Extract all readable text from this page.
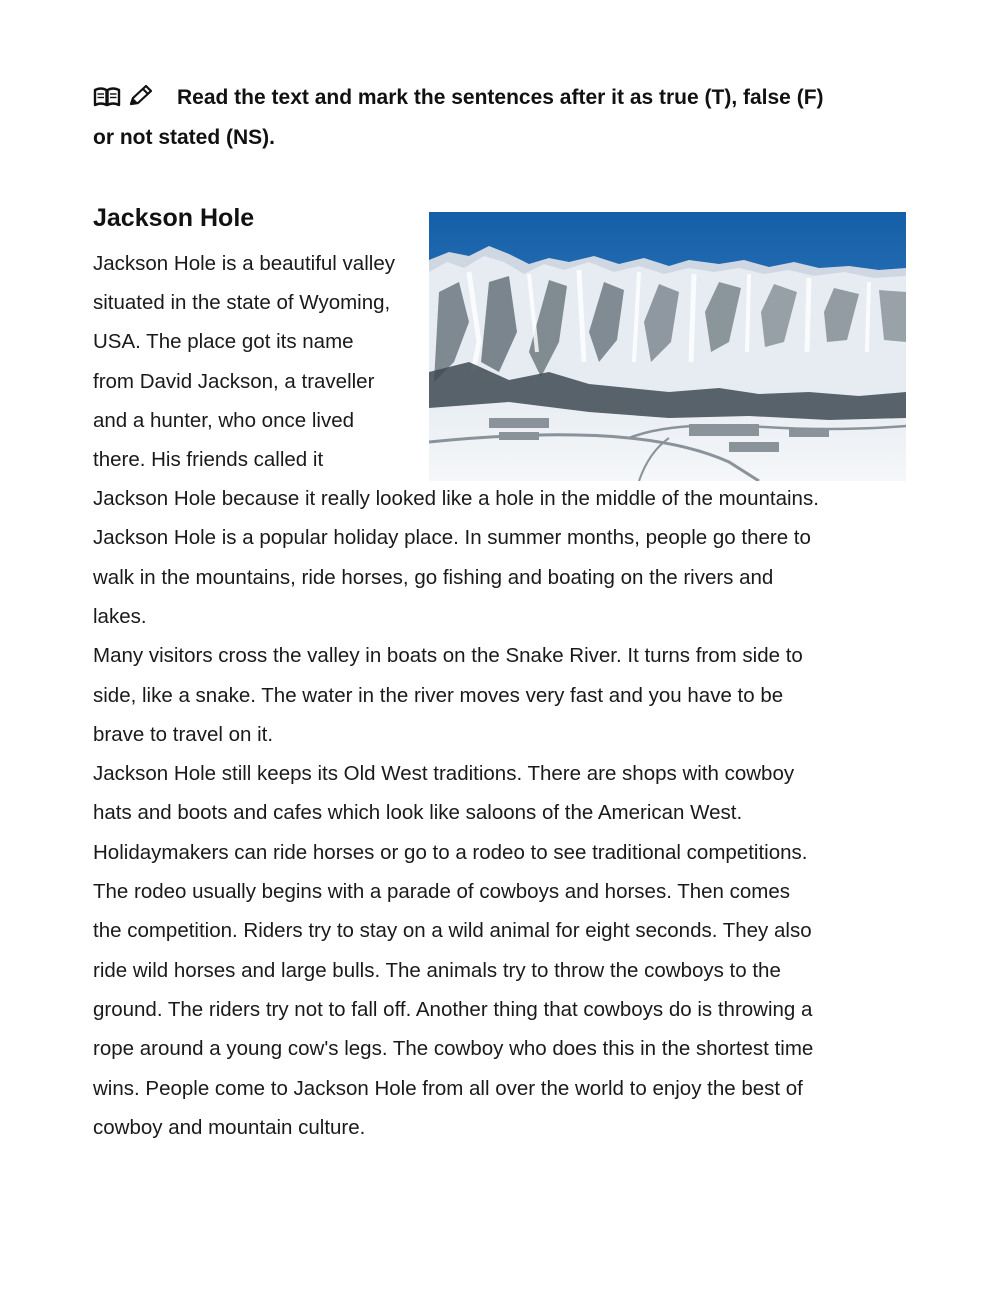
Read the text and mark the sentences after it as true (T), false (F)
or not stated (NS).
Jackson Hole
Jackson Hole is a beautiful valley
situated in the state of Wyoming,
USA. The place got its name
from David Jackson, a traveller
and a hunter, who once lived
there. His friends called it
Jackson Hole because it really looked like a hole in the middle of the mountains.
Jackson Hole is a popular holiday place. In summer months, people go there to
walk in the mountains, ride horses, go fishing and boating on the rivers and
lakes.
Many visitors cross the valley in boats on the Snake River. It turns from side to
side, like a snake. The water in the river moves very fast and you have to be
brave to travel on it.
Jackson Hole still keeps its Old West traditions. There are shops with cowboy
hats and boots and cafes which look like saloons of the American West.
Holidaymakers can ride horses or go to a rodeo to see traditional competitions.
The rodeo usually begins with a parade of cowboys and horses. Then comes
the competition. Riders try to stay on a wild animal for eight seconds. They also
ride wild horses and large bulls. The animals try to throw the cowboys to the
ground. The riders try not to fall off. Another thing that cowboys do is throwing a
rope around a young cow's legs. The cowboy who does this in the shortest time
wins. People come to Jackson Hole from all over the world to enjoy the best of
cowboy and mountain culture.
